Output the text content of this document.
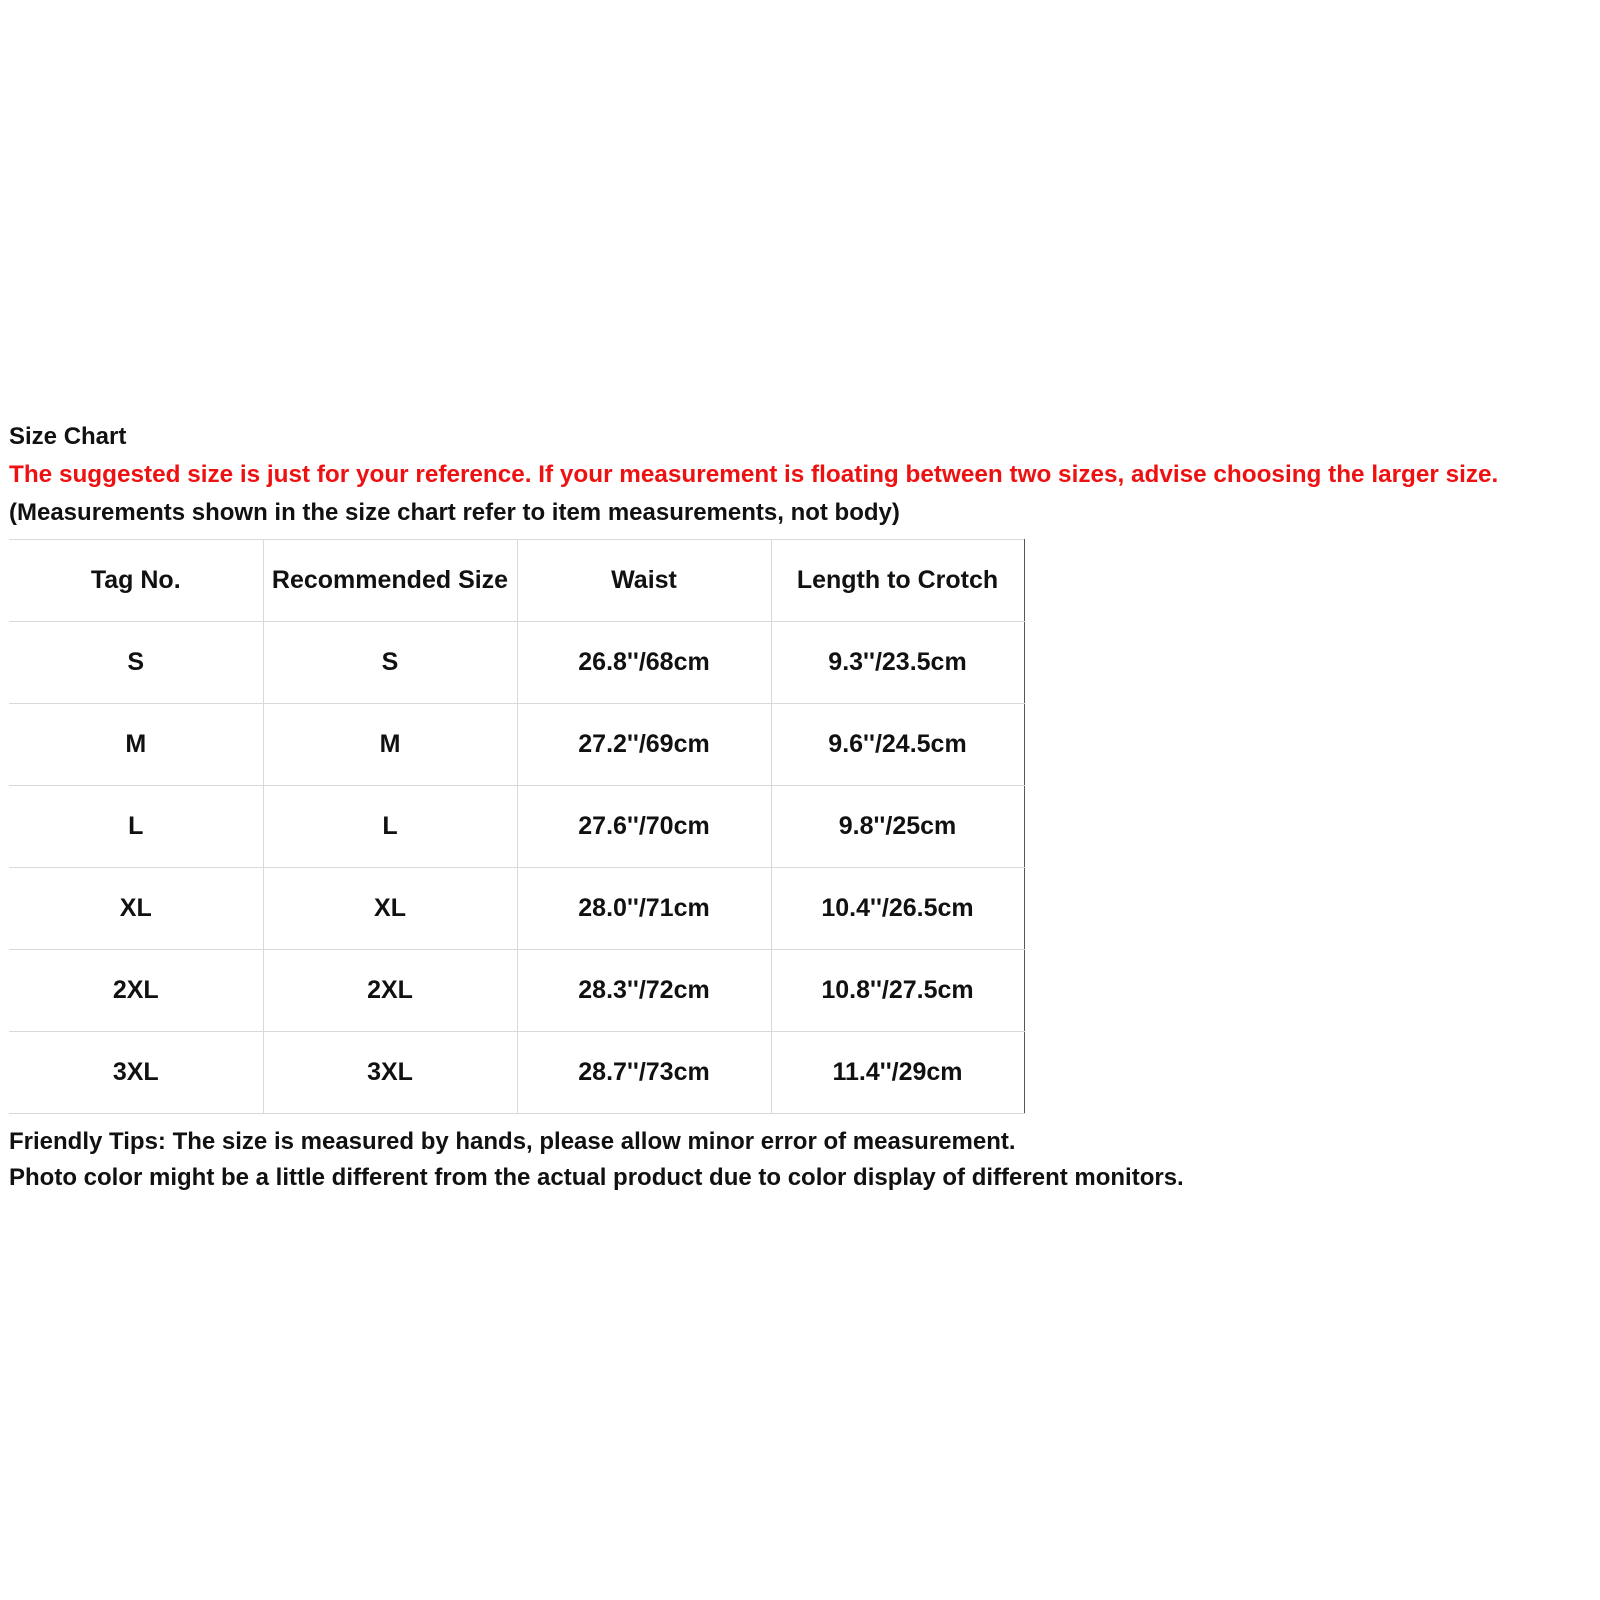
Size Chart

The suggested size is just for your reference. If your measurement is floating between two sizes, advise choosing the larger size.

(Measurements shown in the size chart refer to item measurements, not body)

Tag No.	Recommended Size	Waist	Length to Crotch
S	S	26.8''/68cm	9.3''/23.5cm
M	M	27.2''/69cm	9.6''/24.5cm
L	L	27.6''/70cm	9.8''/25cm
XL	XL	28.0''/71cm	10.4''/26.5cm
2XL	2XL	28.3''/72cm	10.8''/27.5cm
3XL	3XL	28.7''/73cm	11.4''/29cm

Friendly Tips: The size is measured by hands, please allow minor error of measurement.

Photo color might be a little different from the actual product due to color display of different monitors.
